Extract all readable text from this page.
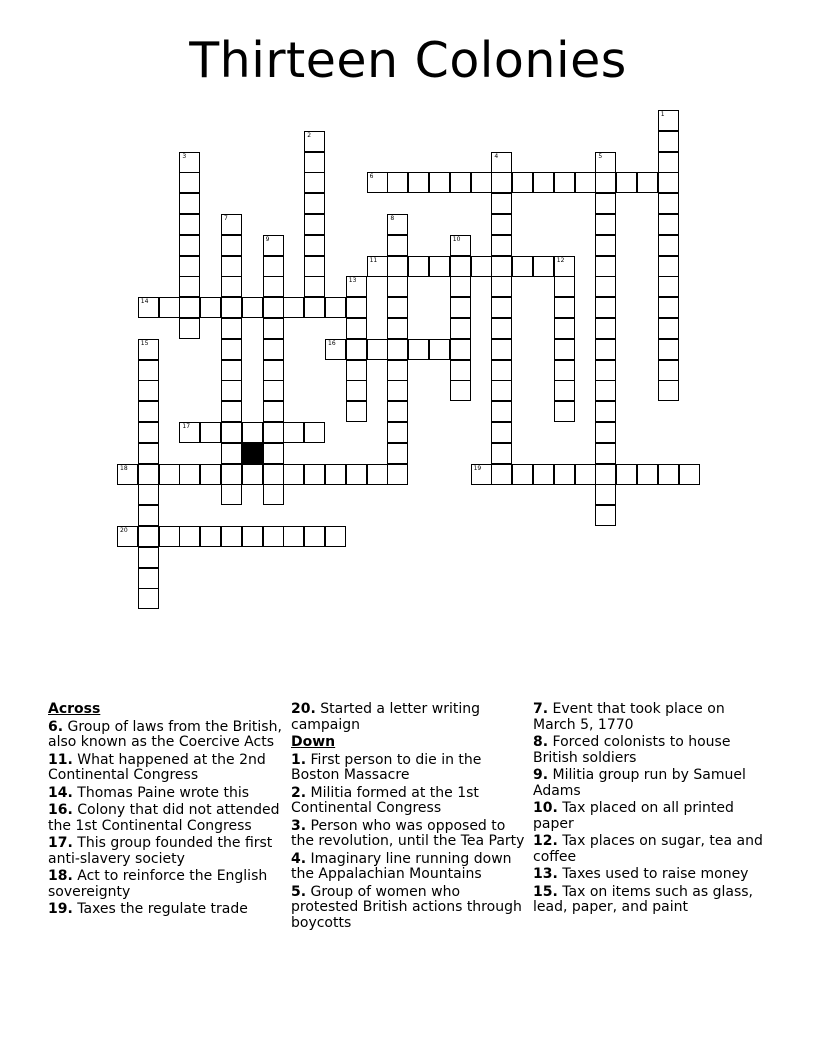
Thirteen Colonies
1
2
3	4	5
6
7	8
9	10
11	12
13
14
15	16
17
18	19
20
Across
6. Group of laws from the British, also known as the Coercive Acts
11. What happened at the 2nd Continental Congress
14. Thomas Paine wrote this
16. Colony that did not attended the 1st Continental Congress
17. This group founded the first anti-slavery society
18. Act to reinforce the English sovereignty
19. Taxes the regulate trade
20. Started a letter writing campaign
Down
1. First person to die in the Boston Massacre
2. Militia formed at the 1st Continental Congress
3. Person who was opposed to the revolution, until the Tea Party
4. Imaginary line running down the Appalachian Mountains
5. Group of women who protested British actions through boycotts
7. Event that took place on March 5, 1770
8. Forced colonists to house British soldiers
9. Militia group run by Samuel Adams
10. Tax placed on all printed paper
12. Tax places on sugar, tea and coffee
13. Taxes used to raise money
15. Tax on items such as glass, lead, paper, and paint
